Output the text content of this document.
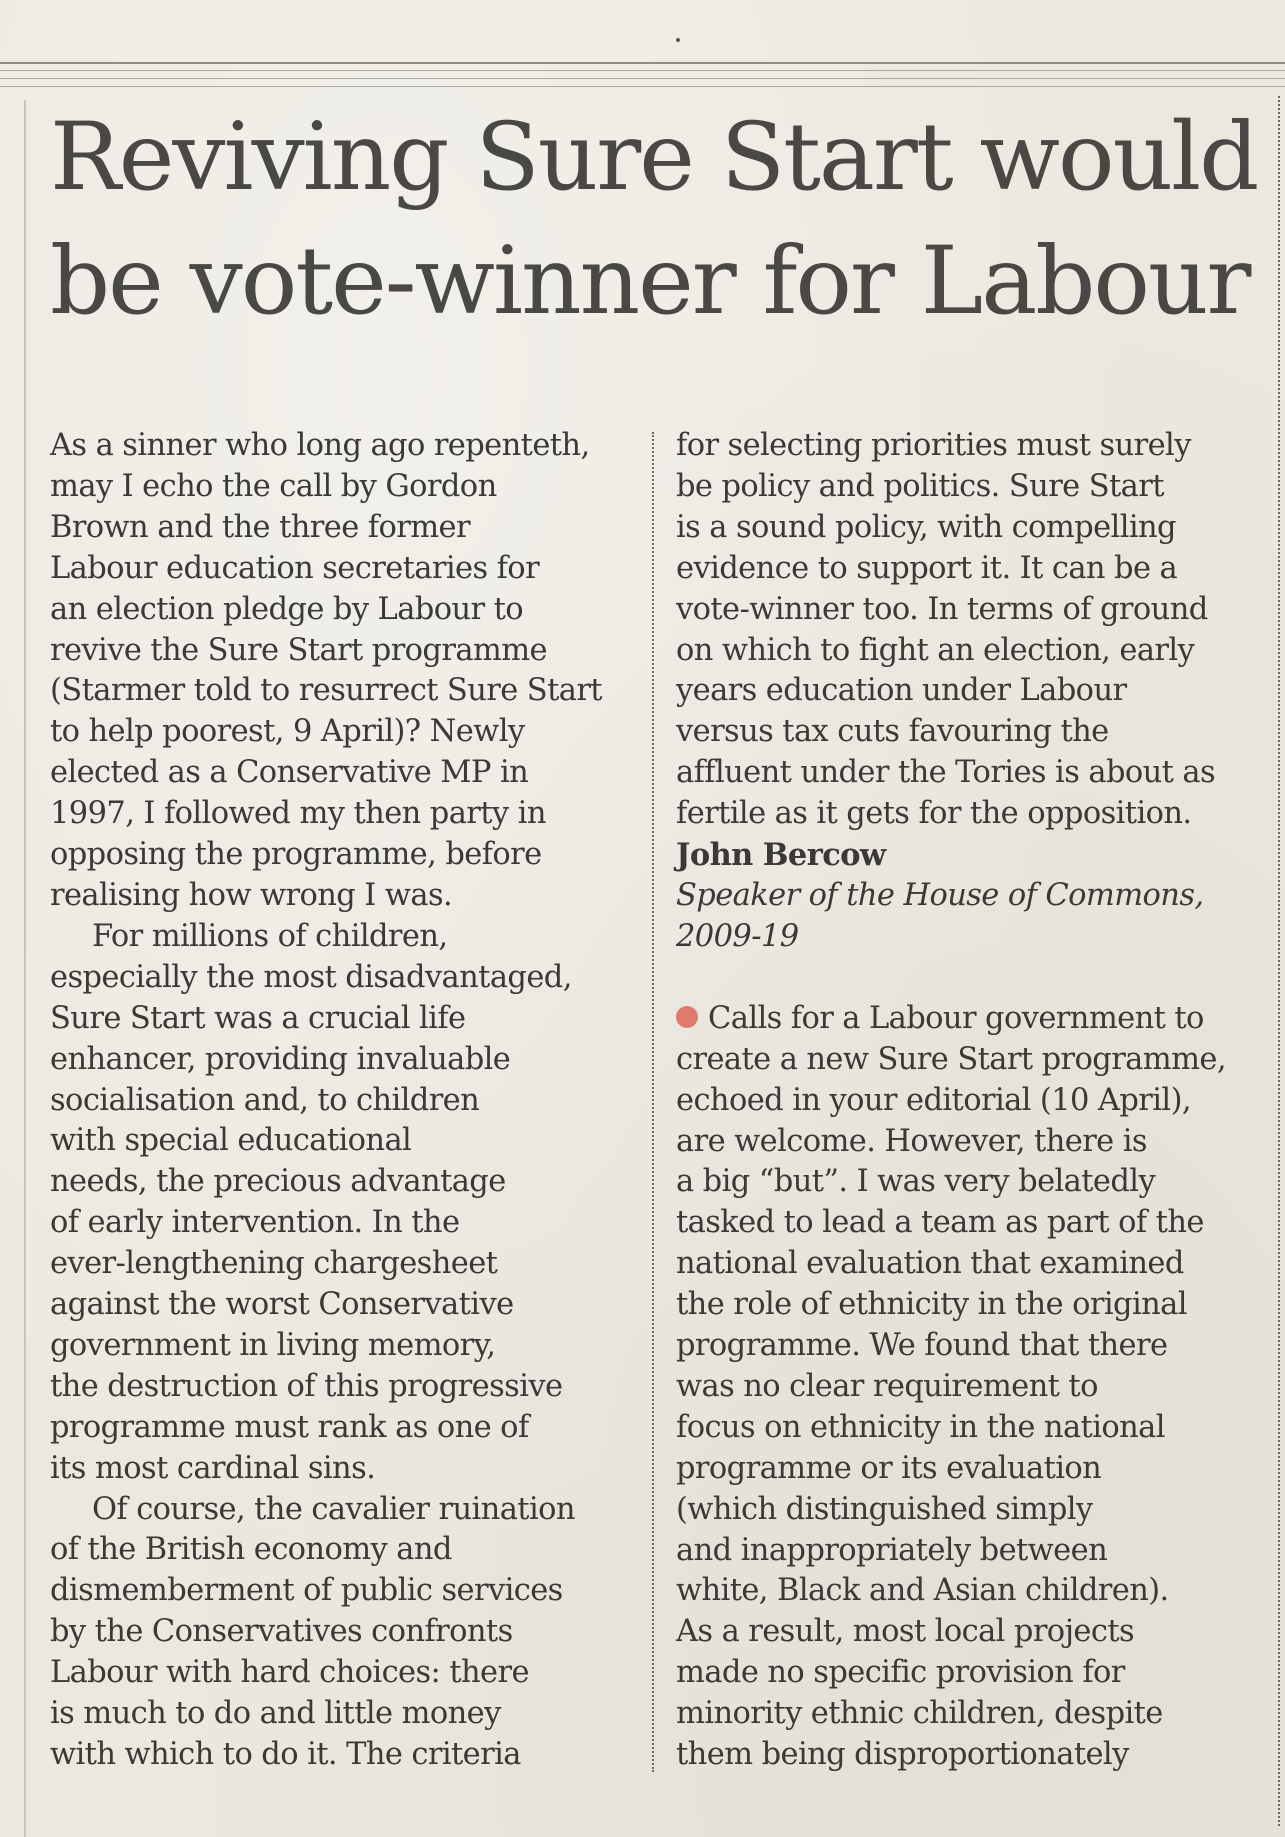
Reviving Sure Start would
be vote-winner for Labour

As a sinner who long ago repenteth,
may I echo the call by Gordon
Brown and the three former
Labour education secretaries for
an election pledge by Labour to
revive the Sure Start programme
(Starmer told to resurrect Sure Start
to help poorest, 9 April)? Newly
elected as a Conservative MP in
1997, I followed my then party in
opposing the programme, before
realising how wrong I was.

For millions of children,
especially the most disadvantaged,
Sure Start was a crucial life
enhancer, providing invaluable
socialisation and, to children
with special educational
needs, the precious advantage
of early intervention. In the
ever-lengthening chargesheet
against the worst Conservative
government in living memory,
the destruction of this progressive
programme must rank as one of
its most cardinal sins.

Of course, the cavalier ruination
of the British economy and
dismemberment of public services
by the Conservatives confronts
Labour with hard choices: there
is much to do and little money
with which to do it. The criteria

for selecting priorities must surely
be policy and politics. Sure Start
is a sound policy, with compelling
evidence to support it. It can be a
vote-winner too. In terms of ground
on which to fight an election, early
years education under Labour
versus tax cuts favouring the
affluent under the Tories is about as
fertile as it gets for the opposition.

John Bercow
Speaker of the House of Commons,
2009-19

Calls for a Labour government to
create a new Sure Start programme,
echoed in your editorial (10 April),
are welcome. However, there is
a big “but”. I was very belatedly
tasked to lead a team as part of the
national evaluation that examined
the role of ethnicity in the original
programme. We found that there
was no clear requirement to
focus on ethnicity in the national
programme or its evaluation
(which distinguished simply
and inappropriately between
white, Black and Asian children).
As a result, most local projects
made no specific provision for
minority ethnic children, despite
them being disproportionately
